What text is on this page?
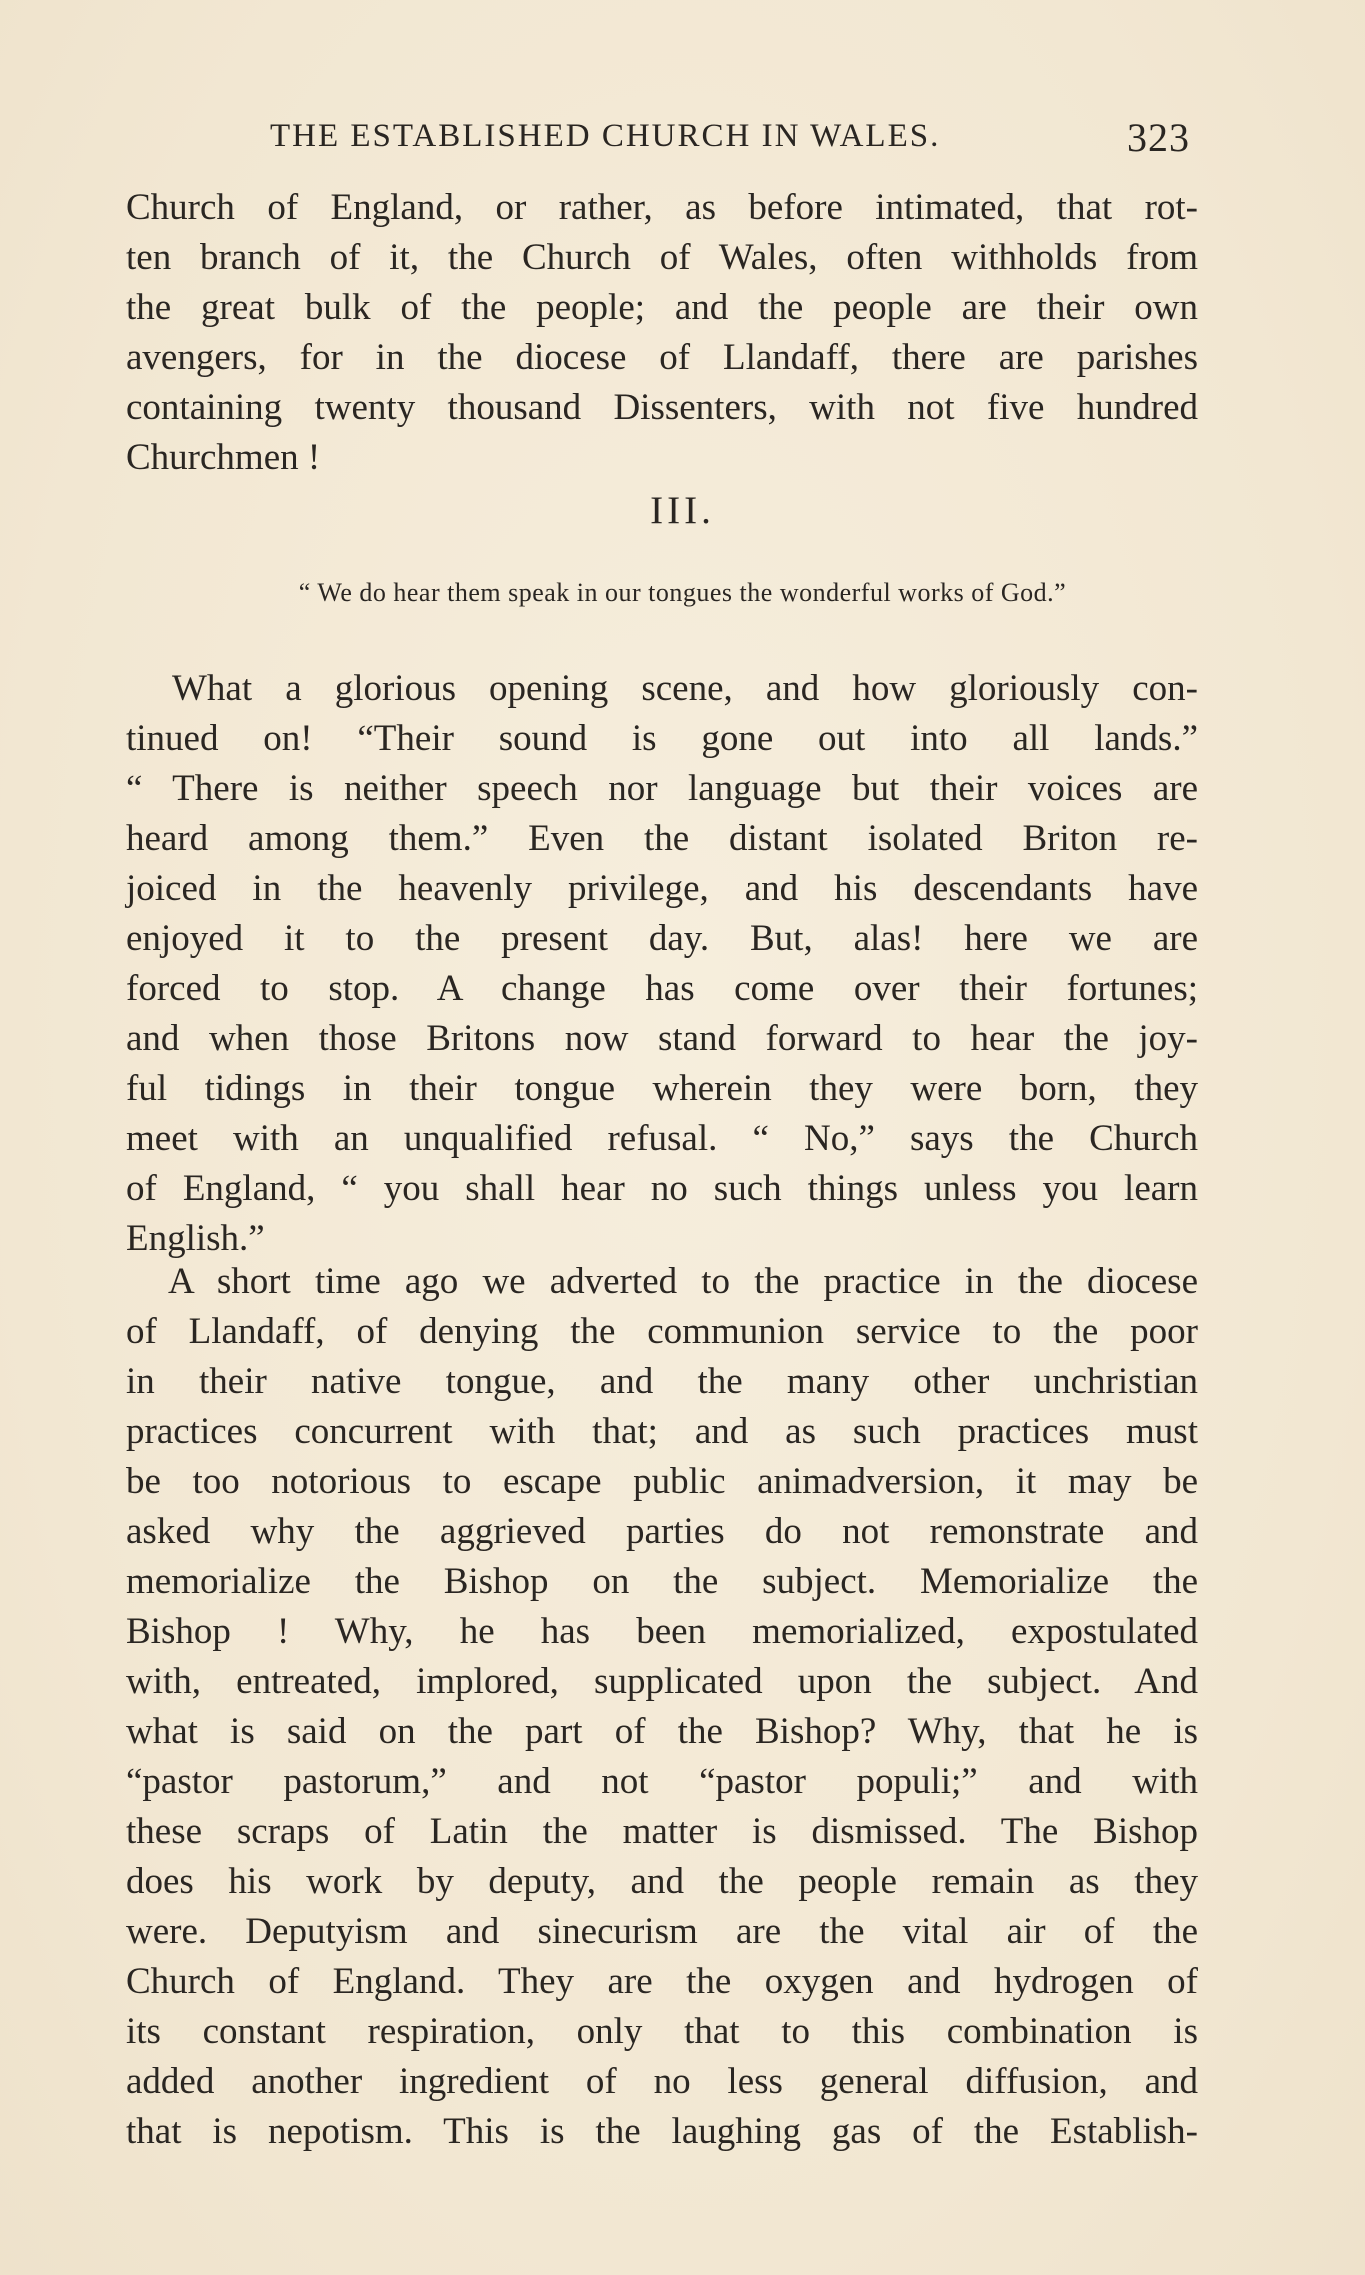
THE ESTABLISHED CHURCH IN WALES.	323
Church of England, or rather, as before intimated, that rot-
ten branch of it, the Church of Wales, often withholds from
the great bulk of the people; and the people are their own
avengers, for in the diocese of Llandaff, there are parishes
containing twenty thousand Dissenters, with not five hundred
Churchmen !
III.
“ We do hear them speak in our tongues the wonderful works of God.”
What a glorious opening scene, and how gloriously con-
tinued on! “Their sound is gone out into all lands.”
“ There is neither speech nor language but their voices are
heard among them.” Even the distant isolated Briton re-
joiced in the heavenly privilege, and his descendants have
enjoyed it to the present day. But, alas! here we are
forced to stop. A change has come over their fortunes;
and when those Britons now stand forward to hear the joy-
ful tidings in their tongue wherein they were born, they
meet with an unqualified refusal. “ No,” says the Church
of England, “ you shall hear no such things unless you learn
English.”
A short time ago we adverted to the practice in the diocese
of Llandaff, of denying the communion service to the poor
in their native tongue, and the many other unchristian
practices concurrent with that; and as such practices must
be too notorious to escape public animadversion, it may be
asked why the aggrieved parties do not remonstrate and
memorialize the Bishop on the subject. Memorialize the
Bishop ! Why, he has been memorialized, expostulated
with, entreated, implored, supplicated upon the subject. And
what is said on the part of the Bishop? Why, that he is
“pastor pastorum,” and not “pastor populi;” and with
these scraps of Latin the matter is dismissed. The Bishop
does his work by deputy, and the people remain as they
were. Deputyism and sinecurism are the vital air of the
Church of England. They are the oxygen and hydrogen of
its constant respiration, only that to this combination is
added another ingredient of no less general diffusion, and
that is nepotism. This is the laughing gas of the Establish-
